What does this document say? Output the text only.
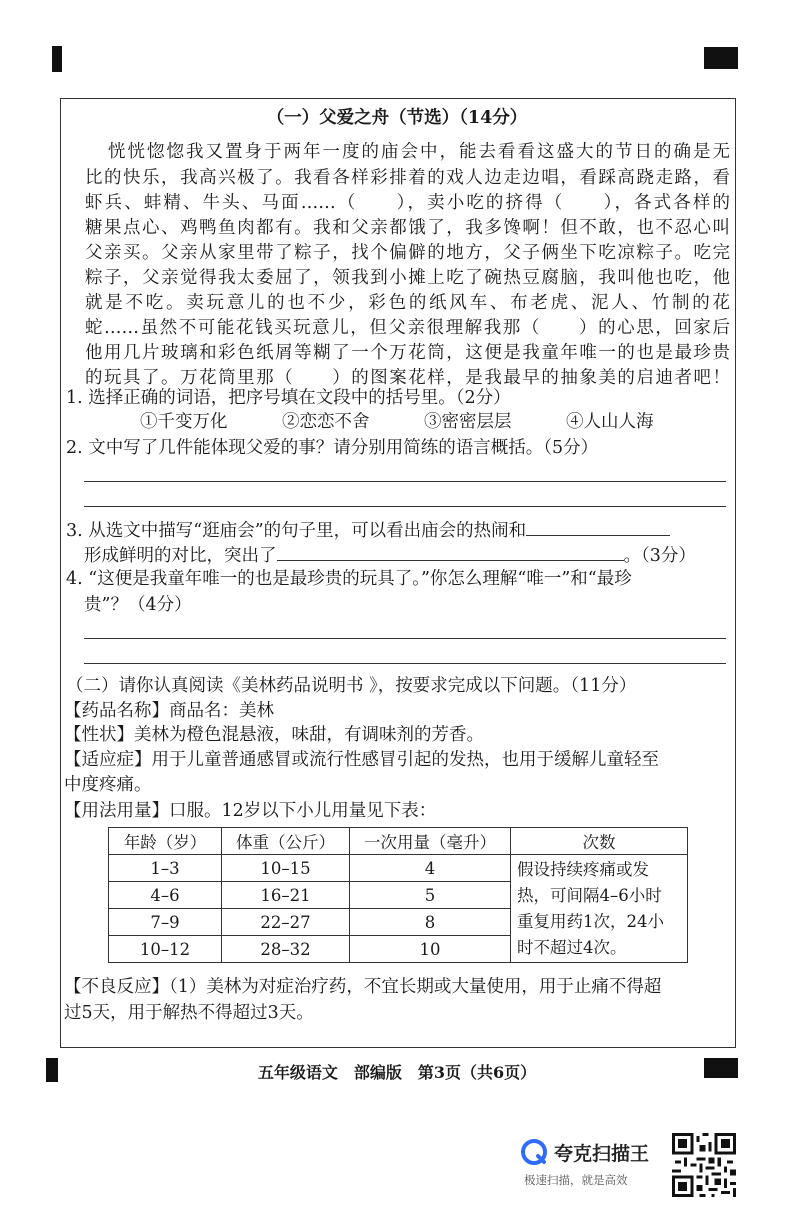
（一）父爱之舟（节选）（14分）
恍恍惚惚我又置身于两年一度的庙会中，能去看看这盛大的节日的确是无
比的快乐，我高兴极了。我看各样彩排着的戏人边走边唱，看踩高跷走路，看
虾兵、蚌精、牛头、马面……（　　），卖小吃的挤得（　　），各式各样的
糖果点心、鸡鸭鱼肉都有。我和父亲都饿了，我多馋啊！但不敢，也不忍心叫
父亲买。父亲从家里带了粽子，找个偏僻的地方，父子俩坐下吃凉粽子。吃完
粽子，父亲觉得我太委屈了，领我到小摊上吃了碗热豆腐脑，我叫他也吃，他
就是不吃。卖玩意儿的也不少，彩色的纸风车、布老虎、泥人、竹制的花
蛇……虽然不可能花钱买玩意儿，但父亲很理解我那（　　）的心思，回家后
他用几片玻璃和彩色纸屑等糊了一个万花筒，这便是我童年唯一的也是最珍贵
的玩具了。万花筒里那（　　）的图案花样，是我最早的抽象美的启迪者吧！
1. 选择正确的词语，把序号填在文段中的括号里。（2分）
①千变万化	②恋恋不舍	③密密层层	④人山人海
2. 文中写了几件能体现父爱的事？请分别用简练的语言概括。（5分）
3. 从选文中描写“逛庙会”的句子里，可以看出庙会的热闹和
形成鲜明的对比，突出了	。（3分）
4. “这便是我童年唯一的也是最珍贵的玩具了。”你怎么理解“唯一”和“最珍
贵”？（4分）
（二）请你认真阅读《美林药品说明书 》，按要求完成以下问题。（11分）
【药品名称】商品名：美林
【性状】美林为橙色混悬液，味甜，有调味剂的芳香。
【适应症】用于儿童普通感冒或流行性感冒引起的发热，也用于缓解儿童轻至
中度疼痛。
【用法用量】口服。12岁以下小儿用量见下表：
年龄（岁）	体重（公斤）	一次用量（毫升）	次数
1–3	10–15	4	假设持续疼痛或发
热，可间隔4–6小时
重复用药1次，24小
时不超过4次。

4–6	16–21	5	
7–9	22–27	8	
10–12	28–32	10	
【不良反应】（1）美林为对症治疗药，不宜长期或大量使用，用于止痛不得超
过5天，用于解热不得超过3天。
五年级语文　部编版　第3页（共6页）
夸克扫描王
极速扫描，就是高效
